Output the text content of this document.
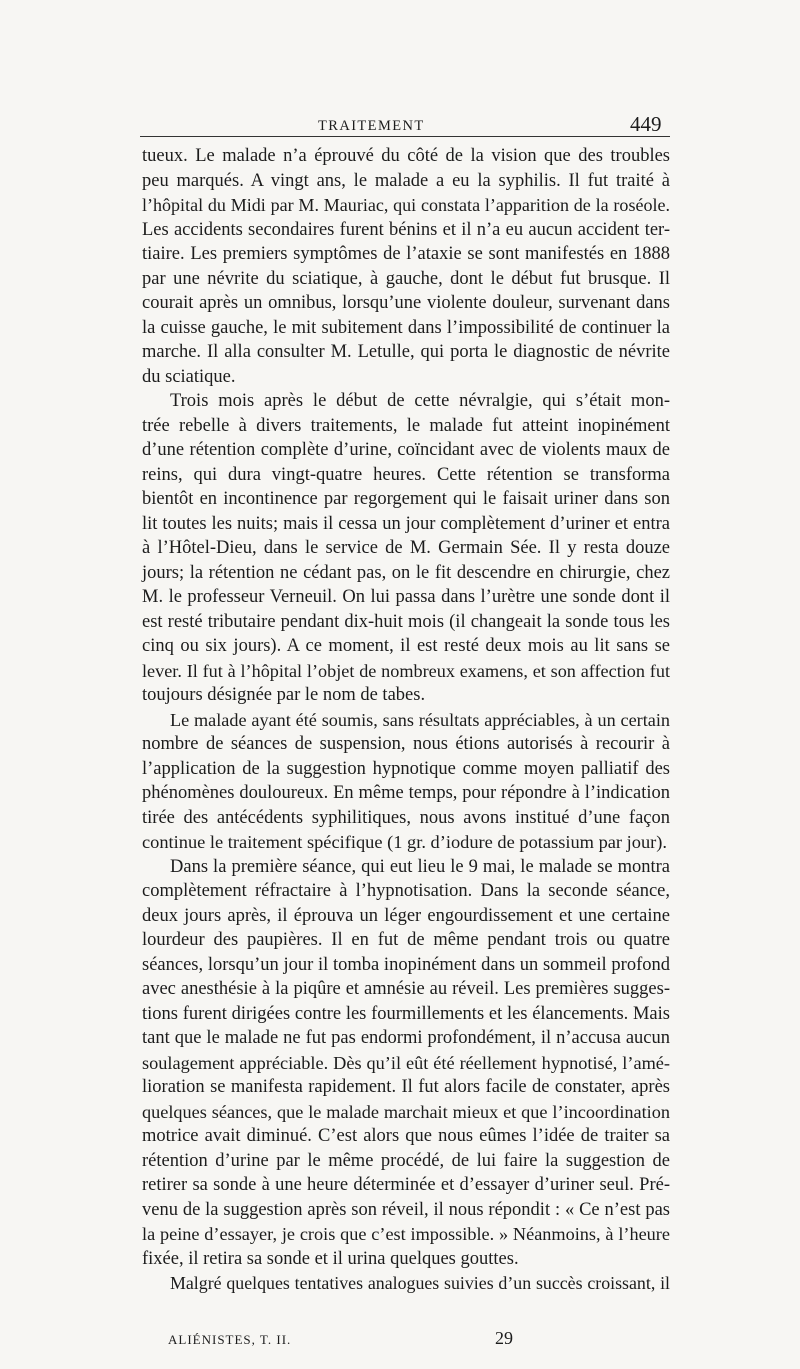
TRAITEMENT	449
tueux. Le malade n’a éprouvé du côté de la vision que des troubles
peu marqués. A vingt ans, le malade a eu la syphilis. Il fut traité à
l’hôpital du Midi par M. Mauriac, qui constata l’apparition de la roséole.
Les accidents secondaires furent bénins et il n’a eu aucun accident ter-
tiaire. Les premiers symptômes de l’ataxie se sont manifestés en 1888
par une névrite du sciatique, à gauche, dont le début fut brusque. Il
courait après un omnibus, lorsqu’une violente douleur, survenant dans
la cuisse gauche, le mit subitement dans l’impossibilité de continuer la
marche. Il alla consulter M. Letulle, qui porta le diagnostic de névrite
du sciatique.
Trois mois après le début de cette névralgie, qui s’était mon-
trée rebelle à divers traitements, le malade fut atteint inopinément
d’une rétention complète d’urine, coïncidant avec de violents maux de
reins, qui dura vingt-quatre heures. Cette rétention se transforma
bientôt en incontinence par regorgement qui le faisait uriner dans son
lit toutes les nuits; mais il cessa un jour complètement d’uriner et entra
à l’Hôtel-Dieu, dans le service de M. Germain Sée. Il y resta douze
jours; la rétention ne cédant pas, on le fit descendre en chirurgie, chez
M. le professeur Verneuil. On lui passa dans l’urètre une sonde dont il
est resté tributaire pendant dix-huit mois (il changeait la sonde tous les
cinq ou six jours). A ce moment, il est resté deux mois au lit sans se
lever. Il fut à l’hôpital l’objet de nombreux examens, et son affection fut
toujours désignée par le nom de tabes.
Le malade ayant été soumis, sans résultats appréciables, à un certain
nombre de séances de suspension, nous étions autorisés à recourir à
l’application de la suggestion hypnotique comme moyen palliatif des
phénomènes douloureux. En même temps, pour répondre à l’indication
tirée des antécédents syphilitiques, nous avons institué d’une façon
continue le traitement spécifique (1 gr. d’iodure de potassium par jour).
Dans la première séance, qui eut lieu le 9 mai, le malade se montra
complètement réfractaire à l’hypnotisation. Dans la seconde séance,
deux jours après, il éprouva un léger engourdissement et une certaine
lourdeur des paupières. Il en fut de même pendant trois ou quatre
séances, lorsqu’un jour il tomba inopinément dans un sommeil profond
avec anesthésie à la piqûre et amnésie au réveil. Les premières sugges-
tions furent dirigées contre les fourmillements et les élancements. Mais
tant que le malade ne fut pas endormi profondément, il n’accusa aucun
soulagement appréciable. Dès qu’il eût été réellement hypnotisé, l’amé-
lioration se manifesta rapidement. Il fut alors facile de constater, après
quelques séances, que le malade marchait mieux et que l’incoordination
motrice avait diminué. C’est alors que nous eûmes l’idée de traiter sa
rétention d’urine par le même procédé, de lui faire la suggestion de
retirer sa sonde à une heure déterminée et d’essayer d’uriner seul. Pré-
venu de la suggestion après son réveil, il nous répondit : « Ce n’est pas
la peine d’essayer, je crois que c’est impossible. » Néanmoins, à l’heure
fixée, il retira sa sonde et il urina quelques gouttes.
Malgré quelques tentatives analogues suivies d’un succès croissant, il
ALIÉNISTES, T. II.	29
